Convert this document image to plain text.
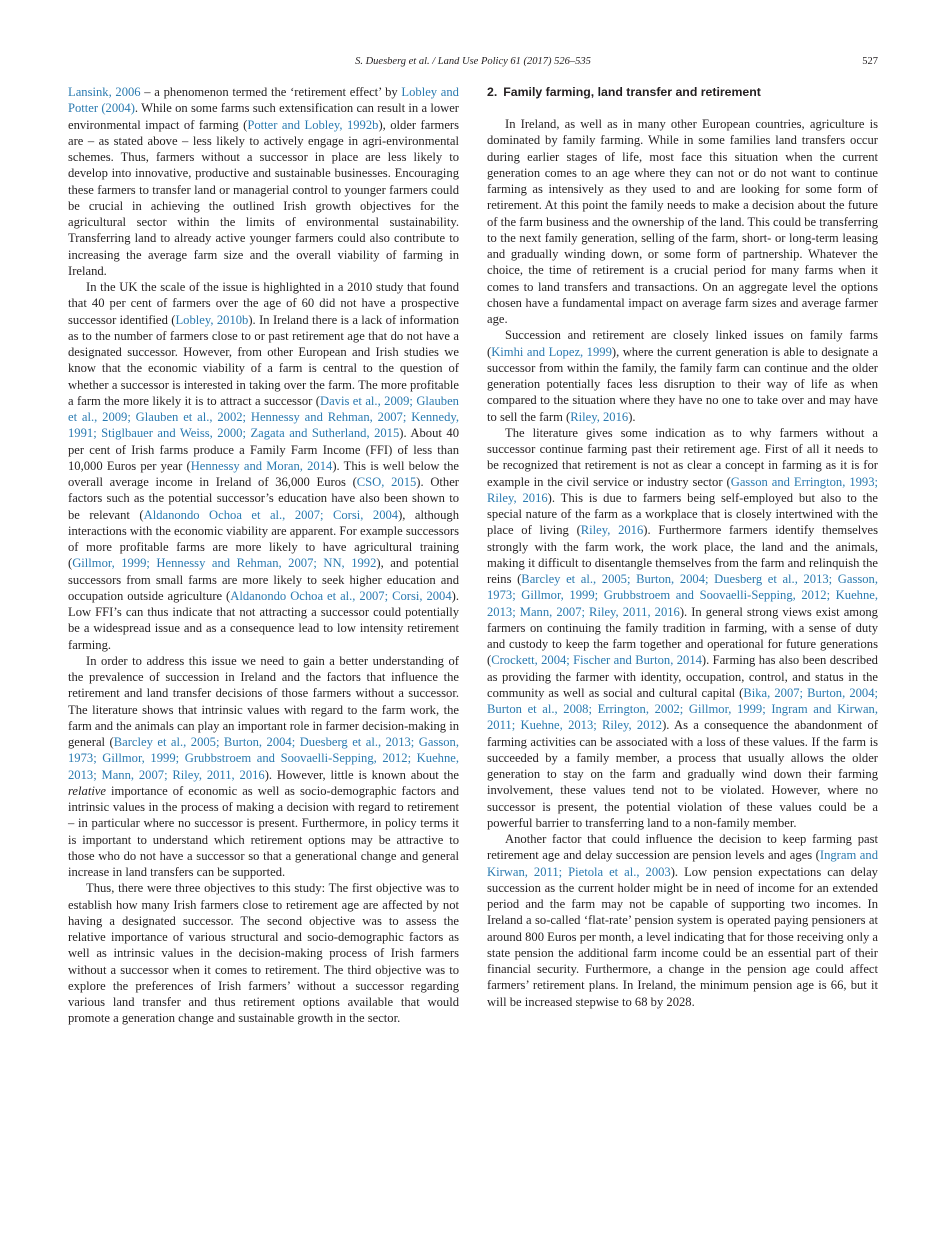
S. Duesberg et al. / Land Use Policy 61 (2017) 526–535	527

Lansink, 2006 – a phenomenon termed the ‘retirement effect’ by Lobley and Potter (2004). While on some farms such extensification can result in a lower environmental impact of farming (Potter and Lobley, 1992b), older farmers are – as stated above – less likely to actively engage in agri-environmental schemes. Thus, farmers without a successor in place are less likely to develop into innovative, productive and sustainable businesses. Encouraging these farmers to transfer land or managerial control to younger farmers could be crucial in achieving the outlined Irish growth objectives for the agricultural sector within the limits of environmental sustainability. Transferring land to already active younger farmers could also contribute to increasing the average farm size and the overall viability of farming in Ireland.

In the UK the scale of the issue is highlighted in a 2010 study that found that 40 per cent of farmers over the age of 60 did not have a prospective successor identified (Lobley, 2010b). In Ireland there is a lack of information as to the number of farmers close to or past retirement age that do not have a designated successor. However, from other European and Irish studies we know that the economic viability of a farm is central to the question of whether a successor is interested in taking over the farm. The more profitable a farm the more likely it is to attract a successor (Davis et al., 2009; Glauben et al., 2009; Glauben et al., 2002; Hennessy and Rehman, 2007; Kennedy, 1991; Stiglbauer and Weiss, 2000; Zagata and Sutherland, 2015). About 40 per cent of Irish farms produce a Family Farm Income (FFI) of less than 10,000 Euros per year (Hennessy and Moran, 2014). This is well below the overall average income in Ireland of 36,000 Euros (CSO, 2015). Other factors such as the potential successor’s education have also been shown to be relevant (Aldanondo Ochoa et al., 2007; Corsi, 2004), although interactions with the economic viability are apparent. For example successors of more profitable farms are more likely to have agricultural training (Gillmor, 1999; Hennessy and Rehman, 2007; NN, 1992), and potential successors from small farms are more likely to seek higher education and occupation outside agriculture (Aldanondo Ochoa et al., 2007; Corsi, 2004). Low FFI’s can thus indicate that not attracting a successor could potentially be a widespread issue and as a consequence lead to low intensity retirement farming.

In order to address this issue we need to gain a better understanding of the prevalence of succession in Ireland and the factors that influence the retirement and land transfer decisions of those farmers without a successor. The literature shows that intrinsic values with regard to the farm work, the farm and the animals can play an important role in farmer decision-making in general (Barcley et al., 2005; Burton, 2004; Duesberg et al., 2013; Gasson, 1973; Gillmor, 1999; Grubbstroem and Soovaelli-Sepping, 2012; Kuehne, 2013; Mann, 2007; Riley, 2011, 2016). However, little is known about the relative importance of economic as well as socio-demographic factors and intrinsic values in the process of making a decision with regard to retirement – in particular where no successor is present. Furthermore, in policy terms it is important to understand which retirement options may be attractive to those who do not have a successor so that a generational change and general increase in land transfers can be supported.

Thus, there were three objectives to this study: The first objective was to establish how many Irish farmers close to retirement age are affected by not having a designated successor. The second objective was to assess the relative importance of various structural and socio-demographic factors as well as intrinsic values in the decision-making process of Irish farmers without a successor when it comes to retirement. The third objective was to explore the preferences of Irish farmers’ without a successor regarding various land transfer and thus retirement options available that would promote a generation change and sustainable growth in the sector.

2. Family farming, land transfer and retirement

In Ireland, as well as in many other European countries, agriculture is dominated by family farming. While in some families land transfers occur during earlier stages of life, most face this situation when the current generation comes to an age where they can not or do not want to continue farming as intensively as they used to and are looking for some form of retirement. At this point the family needs to make a decision about the future of the farm business and the ownership of the land. This could be transferring to the next family generation, selling of the farm, short- or long-term leasing and gradually winding down, or some form of partnership. Whatever the choice, the time of retirement is a crucial period for many farms when it comes to land transfers and transactions. On an aggregate level the options chosen have a fundamental impact on average farm sizes and average farmer age.

Succession and retirement are closely linked issues on family farms (Kimhi and Lopez, 1999), where the current generation is able to designate a successor from within the family, the family farm can continue and the older generation potentially faces less disruption to their way of life as when compared to the situation where they have no one to take over and may have to sell the farm (Riley, 2016).

The literature gives some indication as to why farmers without a successor continue farming past their retirement age. First of all it needs to be recognized that retirement is not as clear a concept in farming as it is for example in the civil service or industry sector (Gasson and Errington, 1993; Riley, 2016). This is due to farmers being self-employed but also to the special nature of the farm as a workplace that is closely intertwined with the place of living (Riley, 2016). Furthermore farmers identify themselves strongly with the farm work, the work place, the land and the animals, making it difficult to disentangle themselves from the farm and relinquish the reins (Barcley et al., 2005; Burton, 2004; Duesberg et al., 2013; Gasson, 1973; Gillmor, 1999; Grubbstroem and Soovaelli-Sepping, 2012; Kuehne, 2013; Mann, 2007; Riley, 2011, 2016). In general strong views exist among farmers on continuing the family tradition in farming, with a sense of duty and custody to keep the farm together and operational for future generations (Crockett, 2004; Fischer and Burton, 2014). Farming has also been described as providing the farmer with identity, occupation, control, and status in the community as well as social and cultural capital (Bika, 2007; Burton, 2004; Burton et al., 2008; Errington, 2002; Gillmor, 1999; Ingram and Kirwan, 2011; Kuehne, 2013; Riley, 2012). As a consequence the abandonment of farming activities can be associated with a loss of these values. If the farm is succeeded by a family member, a process that usually allows the older generation to stay on the farm and gradually wind down their farming involvement, these values tend not to be violated. However, where no successor is present, the potential violation of these values could be a powerful barrier to transferring land to a non-family member.

Another factor that could influence the decision to keep farming past retirement age and delay succession are pension levels and ages (Ingram and Kirwan, 2011; Pietola et al., 2003). Low pension expectations can delay succession as the current holder might be in need of income for an extended period and the farm may not be capable of supporting two incomes. In Ireland a so-called ‘flat-rate’ pension system is operated paying pensioners at around 800 Euros per month, a level indicating that for those receiving only a state pension the additional farm income could be an essential part of their financial security. Furthermore, a change in the pension age could affect farmers’ retirement plans. In Ireland, the minimum pension age is 66, but it will be increased stepwise to 68 by 2028.
